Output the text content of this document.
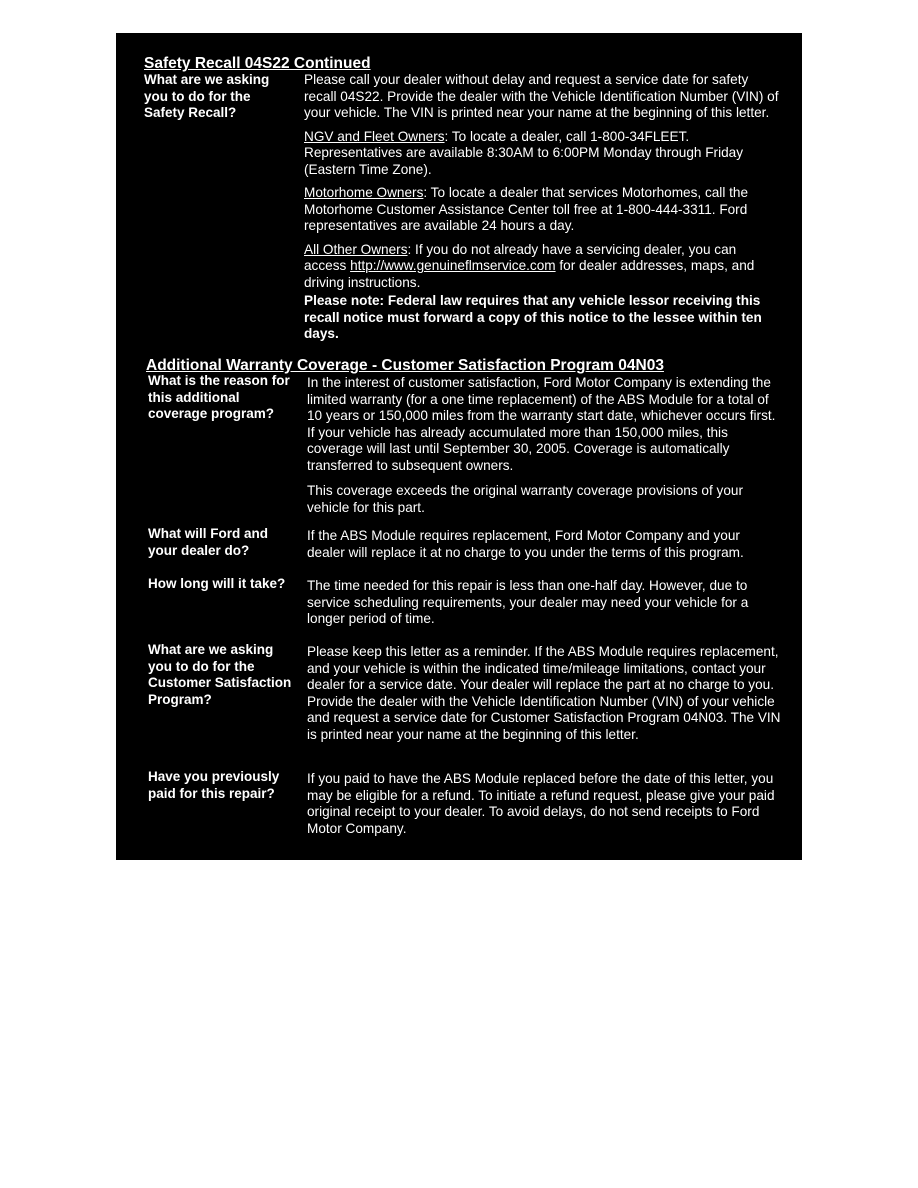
Safety Recall 04S22 Continued
What are we asking you to do for the Safety Recall?

Please call your dealer without delay and request a service date for safety recall 04S22. Provide the dealer with the Vehicle Identification Number (VIN) of your vehicle. The VIN is printed near your name at the beginning of this letter.

NGV and Fleet Owners: To locate a dealer, call 1-800-34FLEET. Representatives are available 8:30AM to 6:00PM Monday through Friday (Eastern Time Zone).

Motorhome Owners: To locate a dealer that services Motorhomes, call the Motorhome Customer Assistance Center toll free at 1-800-444-3311. Ford representatives are available 24 hours a day.

All Other Owners: If you do not already have a servicing dealer, you can access http://www.genuineflmservice.com for dealer addresses, maps, and driving instructions.

Please note: Federal law requires that any vehicle lessor receiving this recall notice must forward a copy of this notice to the lessee within ten days.

Additional Warranty Coverage - Customer Satisfaction Program 04N03
What is the reason for this additional coverage program?

In the interest of customer satisfaction, Ford Motor Company is extending the limited warranty (for a one time replacement) of the ABS Module for a total of 10 years or 150,000 miles from the warranty start date, whichever occurs first. If your vehicle has already accumulated more than 150,000 miles, this coverage will last until September 30, 2005. Coverage is automatically transferred to subsequent owners.

This coverage exceeds the original warranty coverage provisions of your vehicle for this part.

What will Ford and your dealer do?
If the ABS Module requires replacement, Ford Motor Company and your dealer will replace it at no charge to you under the terms of this program.
How long will it take?	The time needed for this repair is less than one-half day. However, due to service scheduling requirements, your dealer may need your vehicle for a longer period of time.
What are we asking you to do for the Customer Satisfaction Program?
Please keep this letter as a reminder. If the ABS Module requires replacement, and your vehicle is within the indicated time/mileage limitations, contact your dealer for a service date. Your dealer will replace the part at no charge to you. Provide the dealer with the Vehicle Identification Number (VIN) of your vehicle and request a service date for Customer Satisfaction Program 04N03. The VIN is printed near your name at the beginning of this letter.
Have you previously paid for this repair?
If you paid to have the ABS Module replaced before the date of this letter, you may be eligible for a refund. To initiate a refund request, please give your paid original receipt to your dealer. To avoid delays, do not send receipts to Ford Motor Company.
